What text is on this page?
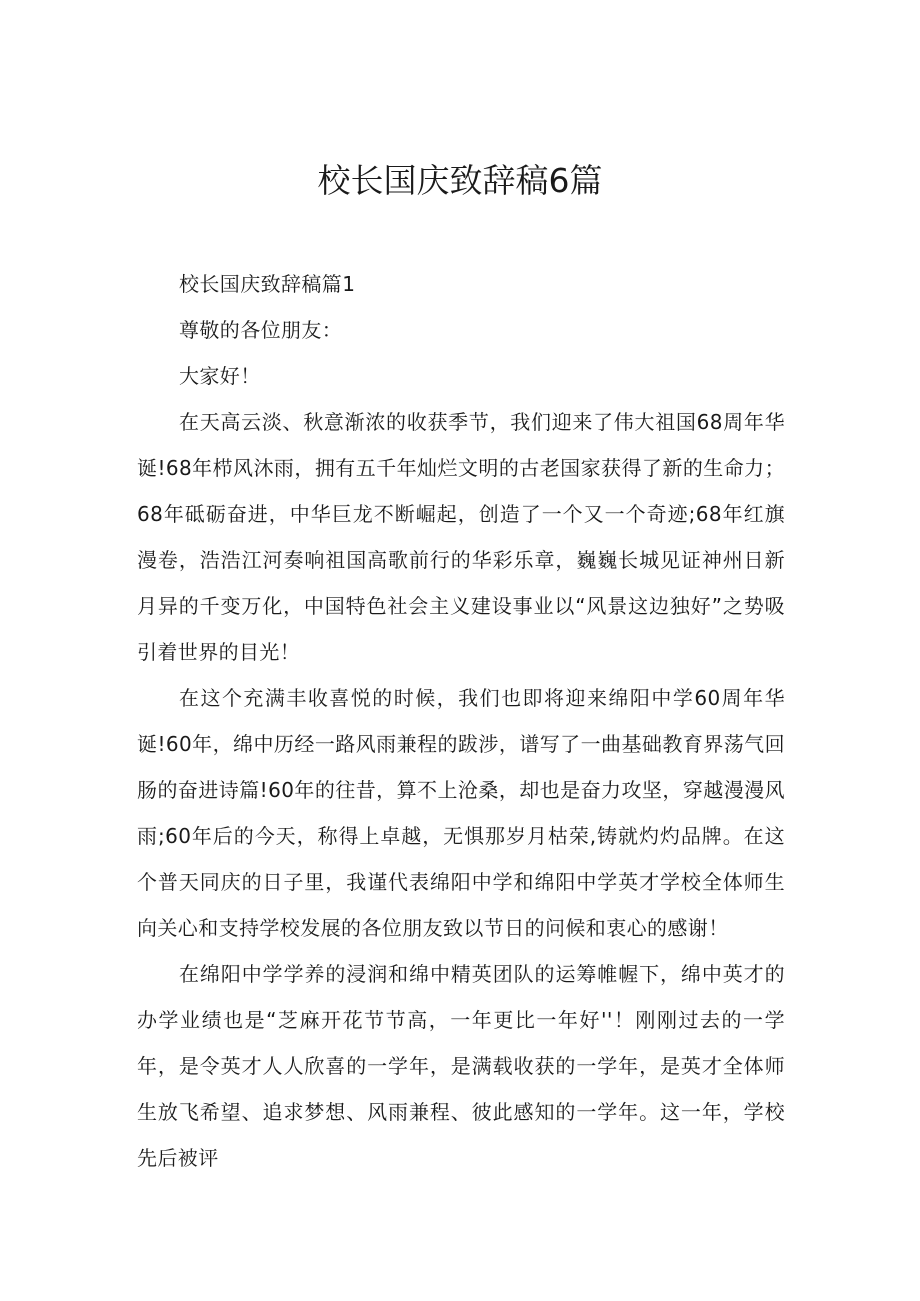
校长国庆致辞稿6篇

校长国庆致辞稿篇1

尊敬的各位朋友：

大家好！

在天高云淡、秋意渐浓的收获季节，我们迎来了伟大祖国68周年华诞!68年栉风沐雨，拥有五千年灿烂文明的古老国家获得了新的生命力；68年砥砺奋进，中华巨龙不断崛起，创造了一个又一个奇迹;68年红旗漫卷，浩浩江河奏响祖国高歌前行的华彩乐章，巍巍长城见证神州日新月异的千变万化，中国特色社会主义建设事业以“风景这边独好”之势吸引着世界的目光！

在这个充满丰收喜悦的时候，我们也即将迎来绵阳中学60周年华诞!60年，绵中历经一路风雨兼程的跋涉，谱写了一曲基础教育界荡气回肠的奋进诗篇!60年的往昔，算不上沧桑，却也是奋力攻坚，穿越漫漫风雨;60年后的今天，称得上卓越，无惧那岁月枯荣,铸就灼灼品牌。在这个普天同庆的日子里，我谨代表绵阳中学和绵阳中学英才学校全体师生向关心和支持学校发展的各位朋友致以节日的问候和衷心的感谢！

在绵阳中学学养的浸润和绵中精英团队的运筹帷幄下，绵中英才的办学业绩也是“芝麻开花节节高，一年更比一年好''！刚刚过去的一学年，是令英才人人欣喜的一学年，是满载收获的一学年，是英才全体师生放飞希望、追求梦想、风雨兼程、彼此感知的一学年。这一年，学校先后被评
